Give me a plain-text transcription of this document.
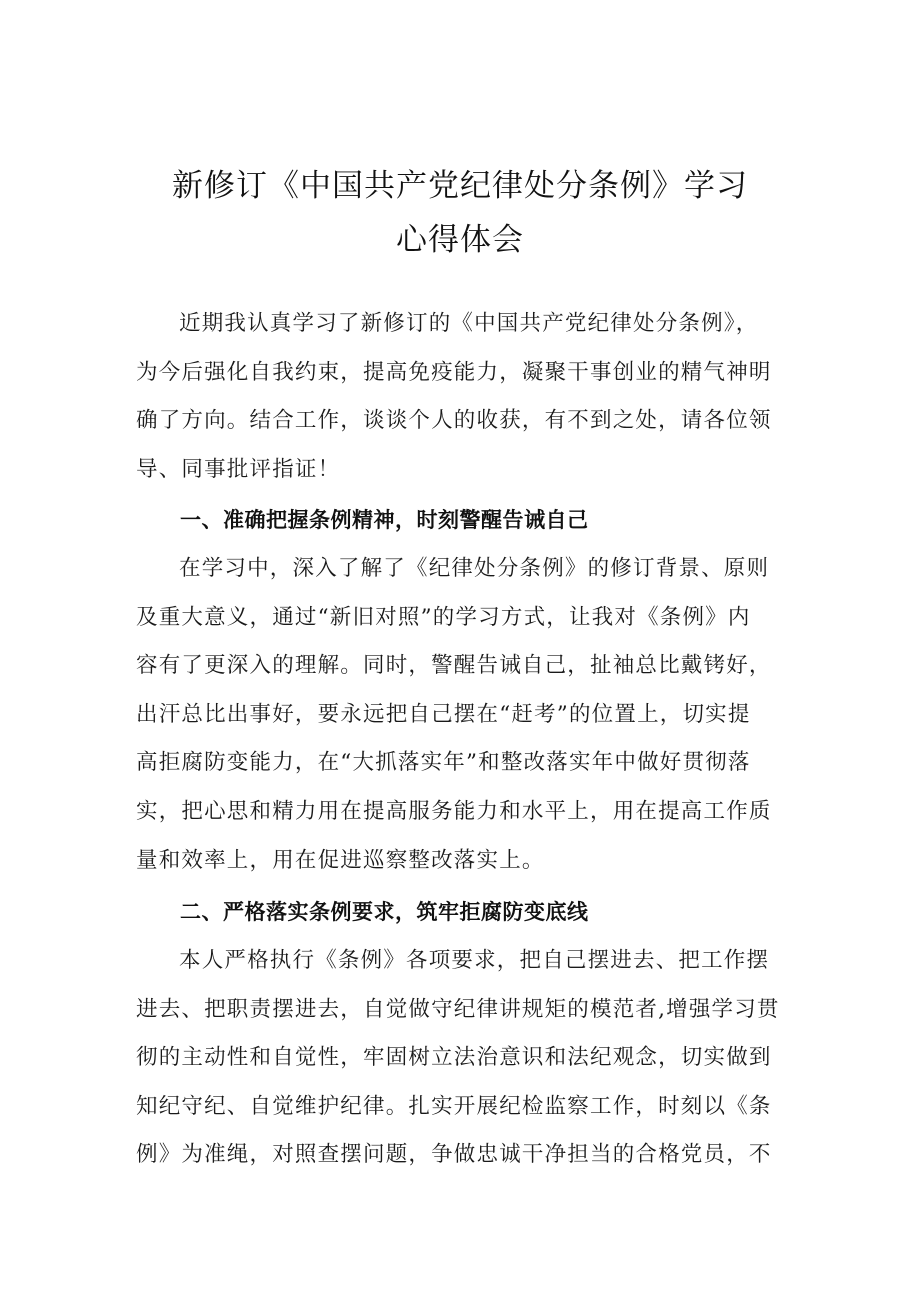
新修订《中国共产党纪律处分条例》学习
心得体会
近期我认真学习了新修订的《中国共产党纪律处分条例》，
为今后强化自我约束，提高免疫能力，凝聚干事创业的精气神明
确了方向。结合工作，谈谈个人的收获，有不到之处，请各位领
导、同事批评指证！
一、准确把握条例精神，时刻警醒告诫自己
在学习中，深入了解了《纪律处分条例》的修订背景、原则
及重大意义，通过“新旧对照”的学习方式，让我对《条例》内
容有了更深入的理解。同时，警醒告诫自己，扯袖总比戴铐好，
出汗总比出事好，要永远把自己摆在“赶考”的位置上，切实提
高拒腐防变能力，在“大抓落实年”和整改落实年中做好贯彻落
实，把心思和精力用在提高服务能力和水平上，用在提高工作质
量和效率上，用在促进巡察整改落实上。
二、严格落实条例要求，筑牢拒腐防变底线
本人严格执行《条例》各项要求，把自己摆进去、把工作摆
进去、把职责摆进去，自觉做守纪律讲规矩的模范者,增强学习贯
彻的主动性和自觉性，牢固树立法治意识和法纪观念，切实做到
知纪守纪、自觉维护纪律。扎实开展纪检监察工作，时刻以《条
例》为准绳，对照查摆问题，争做忠诚干净担当的合格党员，不
